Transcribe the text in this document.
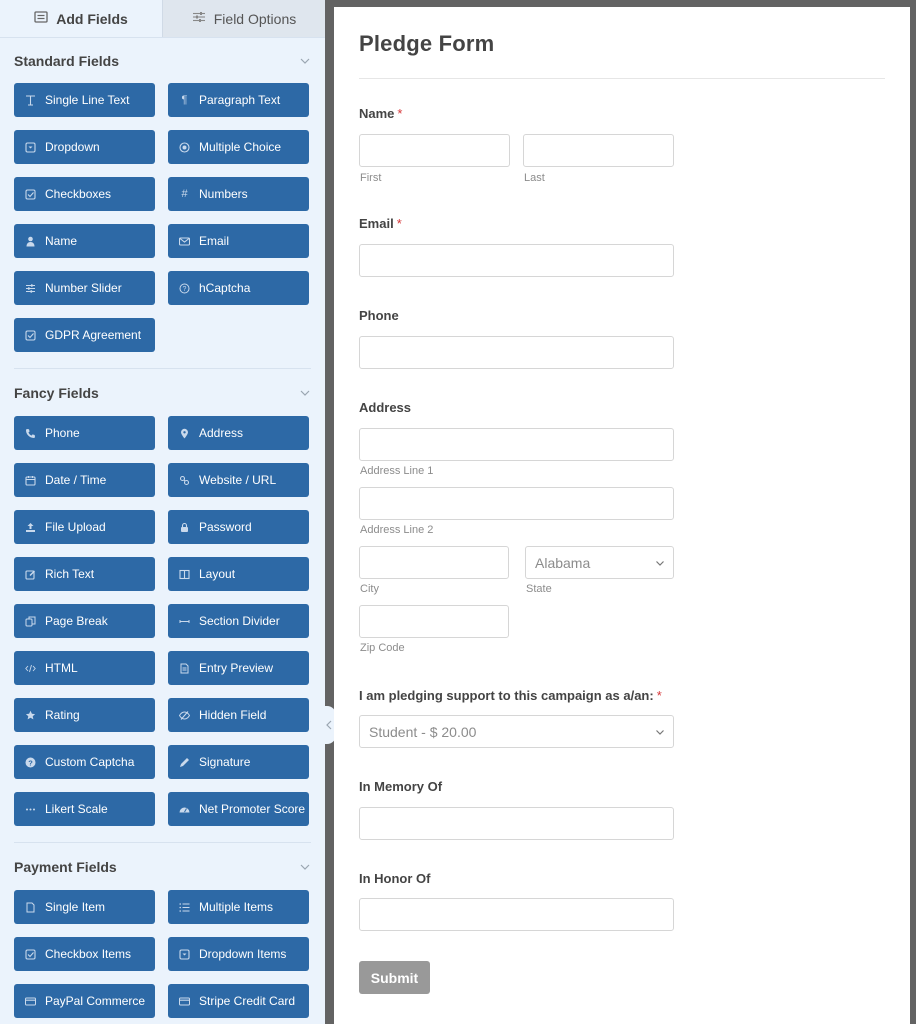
Add Fields	Field Options
Standard Fields
Single Line Text	¶ Paragraph Text
Dropdown	Multiple Choice
Checkboxes	# Numbers
Name	Email
Number Slider	? hCaptcha
GDPR Agreement
Fancy Fields
Phone	Address
Date / Time	Website / URL
File Upload	Password
Rich Text	Layout
Page Break	Section Divider
HTML	Entry Preview
Rating	Hidden Field
? Custom Captcha	Signature
Likert Scale	Net Promoter Score
Payment Fields
Single Item	Multiple Items
Checkbox Items	Dropdown Items
PayPal Commerce	Stripe Credit Card
Pledge Form
Name *
First	Last
Email *
Phone
Address
Address Line 1
Address Line 2
Alabama
City	State
Zip Code
I am pledging support to this campaign as a/an: *
Student - $ 20.00
In Memory Of
In Honor Of
Submit
